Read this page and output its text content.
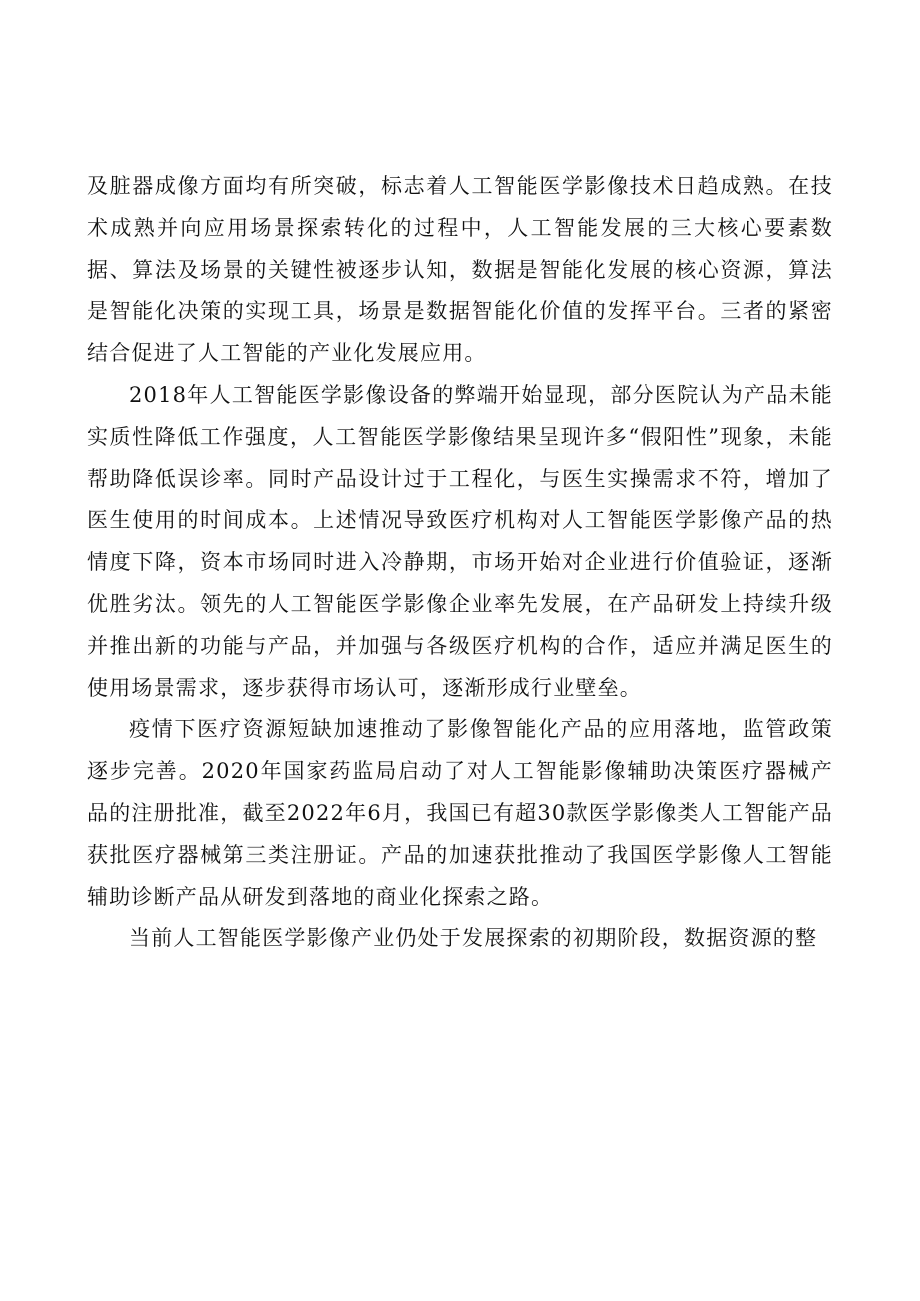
及脏器成像方面均有所突破，标志着人工智能医学影像技术日趋成熟。在技术成熟并向应用场景探索转化的过程中，人工智能发展的三大核心要素数据、算法及场景的关键性被逐步认知，数据是智能化发展的核心资源，算法是智能化决策的实现工具，场景是数据智能化价值的发挥平台。三者的紧密结合促进了人工智能的产业化发展应用。

2018年人工智能医学影像设备的弊端开始显现，部分医院认为产品未能实质性降低工作强度，人工智能医学影像结果呈现许多“假阳性”现象，未能帮助降低误诊率。同时产品设计过于工程化，与医生实操需求不符，增加了医生使用的时间成本。上述情况导致医疗机构对人工智能医学影像产品的热情度下降，资本市场同时进入冷静期，市场开始对企业进行价值验证，逐渐优胜劣汰。领先的人工智能医学影像企业率先发展，在产品研发上持续升级并推出新的功能与产品，并加强与各级医疗机构的合作，适应并满足医生的使用场景需求，逐步获得市场认可，逐渐形成行业壁垒。

疫情下医疗资源短缺加速推动了影像智能化产品的应用落地，监管政策逐步完善。2020年国家药监局启动了对人工智能影像辅助决策医疗器械产品的注册批准，截至2022年6月，我国已有超30款医学影像类人工智能产品获批医疗器械第三类注册证。产品的加速获批推动了我国医学影像人工智能辅助诊断产品从研发到落地的商业化探索之路。

当前人工智能医学影像产业仍处于发展探索的初期阶段，数据资源的整
